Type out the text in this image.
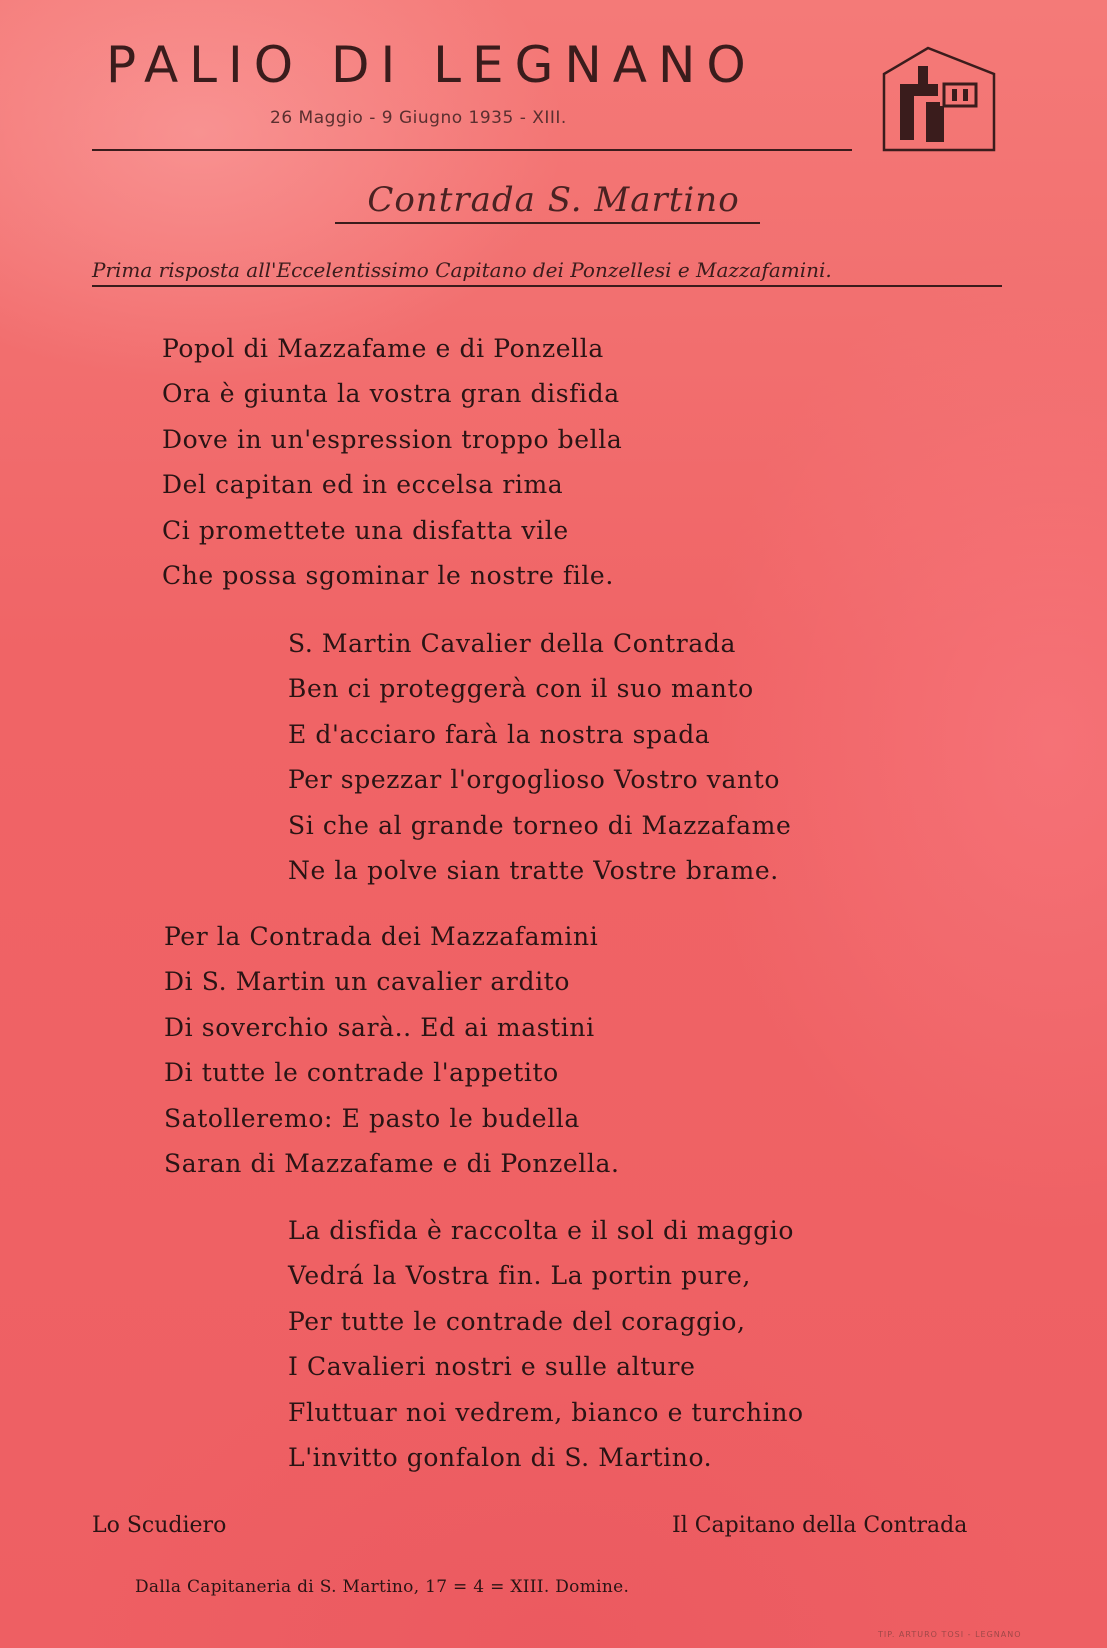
PALIO DI LEGNANO
26 Maggio - 9 Giugno 1935 - XIII.
Contrada S. Martino
Prima risposta all'Eccelentissimo Capitano dei Ponzellesi e Mazzafamini.
Popol di Mazzafame e di Ponzella
Ora è giunta la vostra gran disfida
Dove in un'espression troppo bella
Del capitan ed in eccelsa rima
Ci promettete una disfatta vile
Che possa sgominar le nostre file.
S. Martin Cavalier della Contrada
Ben ci proteggerà con il suo manto
E d'acciaro farà la nostra spada
Per spezzar l'orgoglioso Vostro vanto
Si che al grande torneo di Mazzafame
Ne la polve sian tratte Vostre brame.
Per la Contrada dei Mazzafamini
Di S. Martin un cavalier ardito
Di soverchio sarà.. Ed ai mastini
Di tutte le contrade l'appetito
Satolleremo: E pasto le budella
Saran di Mazzafame e di Ponzella.
La disfida è raccolta e il sol di maggio
Vedrá la Vostra fin. La portin pure,
Per tutte le contrade del coraggio,
I Cavalieri nostri e sulle alture
Fluttuar noi vedrem, bianco e turchino
L'invitto gonfalon di S. Martino.
Lo Scudiero	Il Capitano della Contrada
Dalla Capitaneria di S. Martino, 17 = 4 = XIII. Domine.
TIP. ARTURO TOSI - LEGNANO
